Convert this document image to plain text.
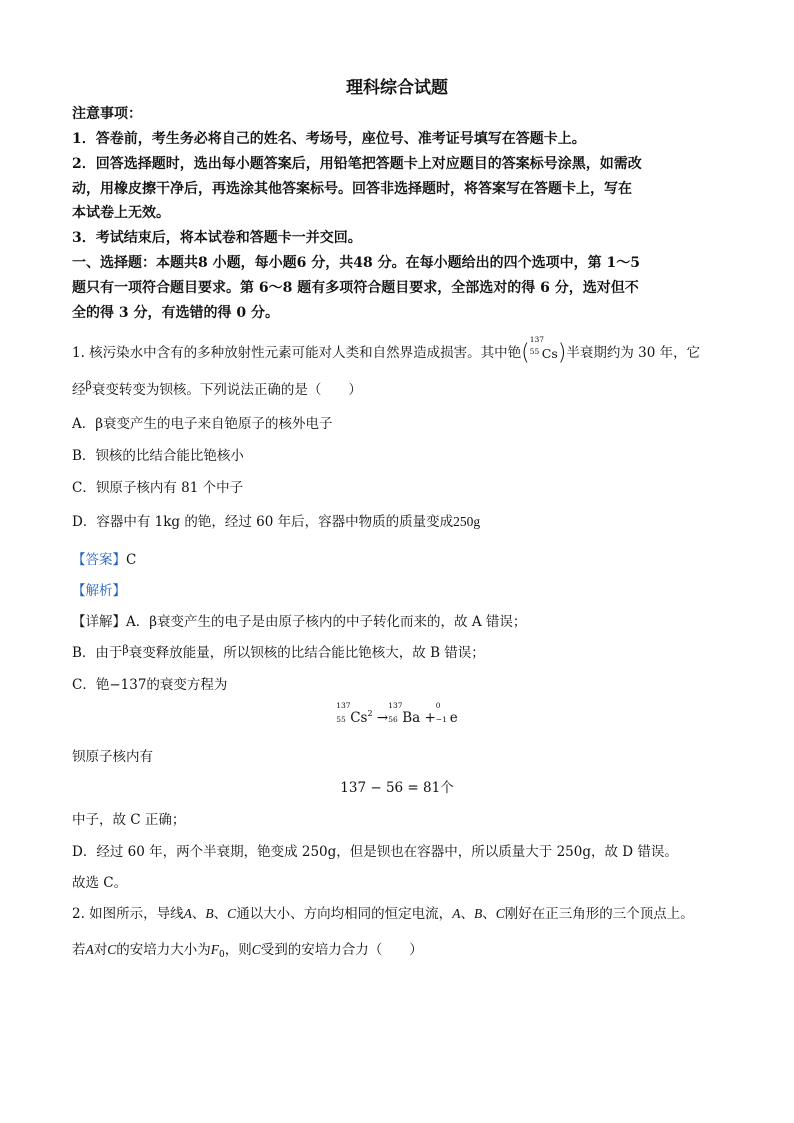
理科综合试题
注意事项：
1．答卷前，考生务必将自己的姓名、考场号，座位号、准考证号填写在答题卡上。
2．回答选择题时，选出每小题答案后，用铅笔把答题卡上对应题目的答案标号涂黑，如需改
动，用橡皮擦干净后，再选涂其他答案标号。回答非选择题时，将答案写在答题卡上，写在
本试卷上无效。
3．考试结束后，将本试卷和答题卡一并交回。
一、选择题：本题共8 小题，每小题6 分，共48 分。在每小题给出的四个选项中，第 1～5
题只有一项符合题目要求。第 6～8 题有多项符合题目要求，全部选对的得 6 分，选对但不
全的得 3 分，有选错的得 0 分。
1. 核污染水中含有的多种放射性元素可能对人类和自然界造成损害。其中铯(
137
55 Cs)半衰期约为 30 年，它
经$^\beta$衰变转变为钡核。下列说法正确的是（　　）
A．β衰变产生的电子来自铯原子的核外电子
B．钡核的比结合能比铯核小
C．钡原子核内有 81 个中子
D．容器中有 1kg 的铯，经过 60 年后，容器中物质的质量变成250g
【答案】C
【解析】
【详解】A．β衰变产生的电子是由原子核内的中子转化而来的，故 A 错误；
B．由于$^\beta$衰变释放能量，所以钡核的比结合能比铯核大，故 B 错误；
C．铯−137的衰变方程为
137
55 $Cs^2$ →
137
56 Ba +
0
−1 e
钡原子核内有
137 − 56 = 81个
中子，故 C 正确；
D．经过 60 年，两个半衰期，铯变成 250g，但是钡也在容器中，所以质量大于 250g，故 D 错误。
故选 C。
2. 如图所示，导线A、B、C通以大小、方向均相同的恒定电流，A、B、C刚好在正三角形的三个顶点上。
若A对C的安培力大小为$F_0$，则C受到的安培力合力（　　）
